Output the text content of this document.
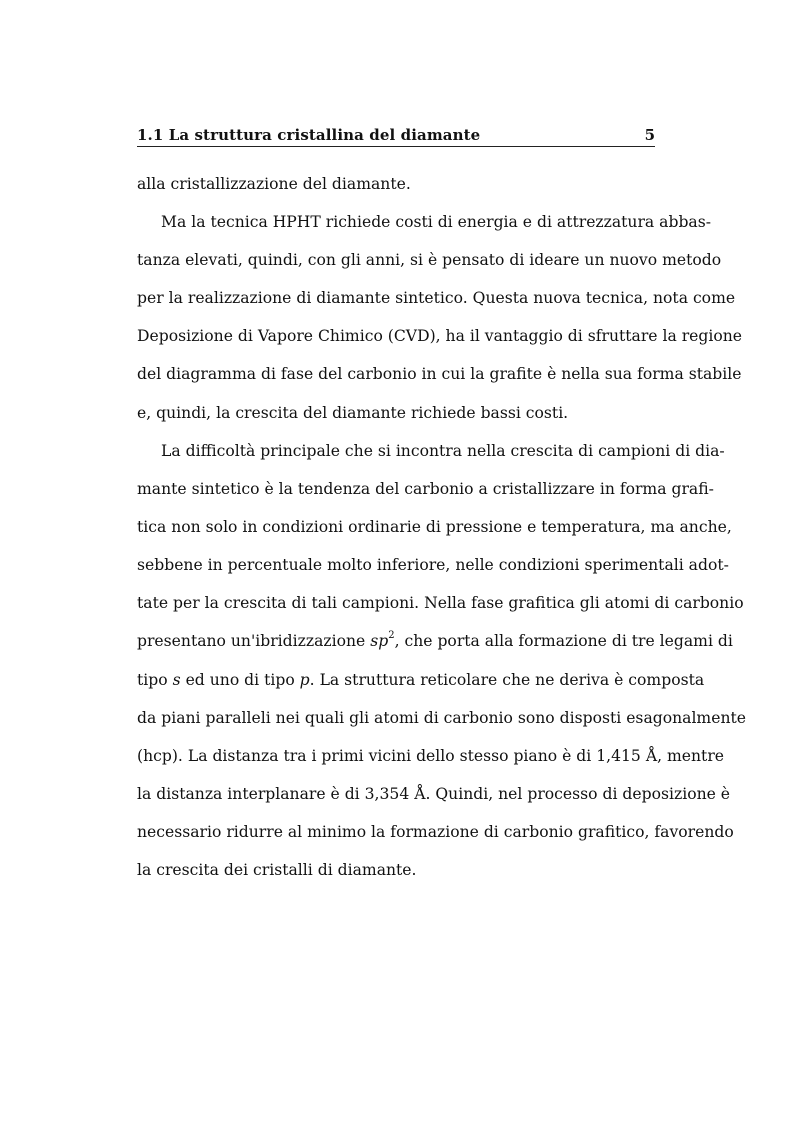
1.1 La struttura cristallina del diamante	5
alla cristallizzazione del diamante.
Ma la tecnica HPHT richiede costi di energia e di attrezzatura abbas-
tanza elevati, quindi, con gli anni, si è pensato di ideare un nuovo metodo
per la realizzazione di diamante sintetico. Questa nuova tecnica, nota come
Deposizione di Vapore Chimico (CVD), ha il vantaggio di sfruttare la regione
del diagramma di fase del carbonio in cui la grafite è nella sua forma stabile
e, quindi, la crescita del diamante richiede bassi costi.
La difficoltà principale che si incontra nella crescita di campioni di dia-
mante sintetico è la tendenza del carbonio a cristallizzare in forma grafi-
tica non solo in condizioni ordinarie di pressione e temperatura, ma anche,
sebbene in percentuale molto inferiore, nelle condizioni sperimentali adot-
tate per la crescita di tali campioni. Nella fase grafitica gli atomi di carbonio
presentano un'ibridizzazione $sp^2$, che porta alla formazione di tre legami di
tipo s ed uno di tipo p. La struttura reticolare che ne deriva è composta
da piani paralleli nei quali gli atomi di carbonio sono disposti esagonalmente
(hcp). La distanza tra i primi vicini dello stesso piano è di 1,415 Å, mentre
la distanza interplanare è di 3,354 Å. Quindi, nel processo di deposizione è
necessario ridurre al minimo la formazione di carbonio grafitico, favorendo
la crescita dei cristalli di diamante.
